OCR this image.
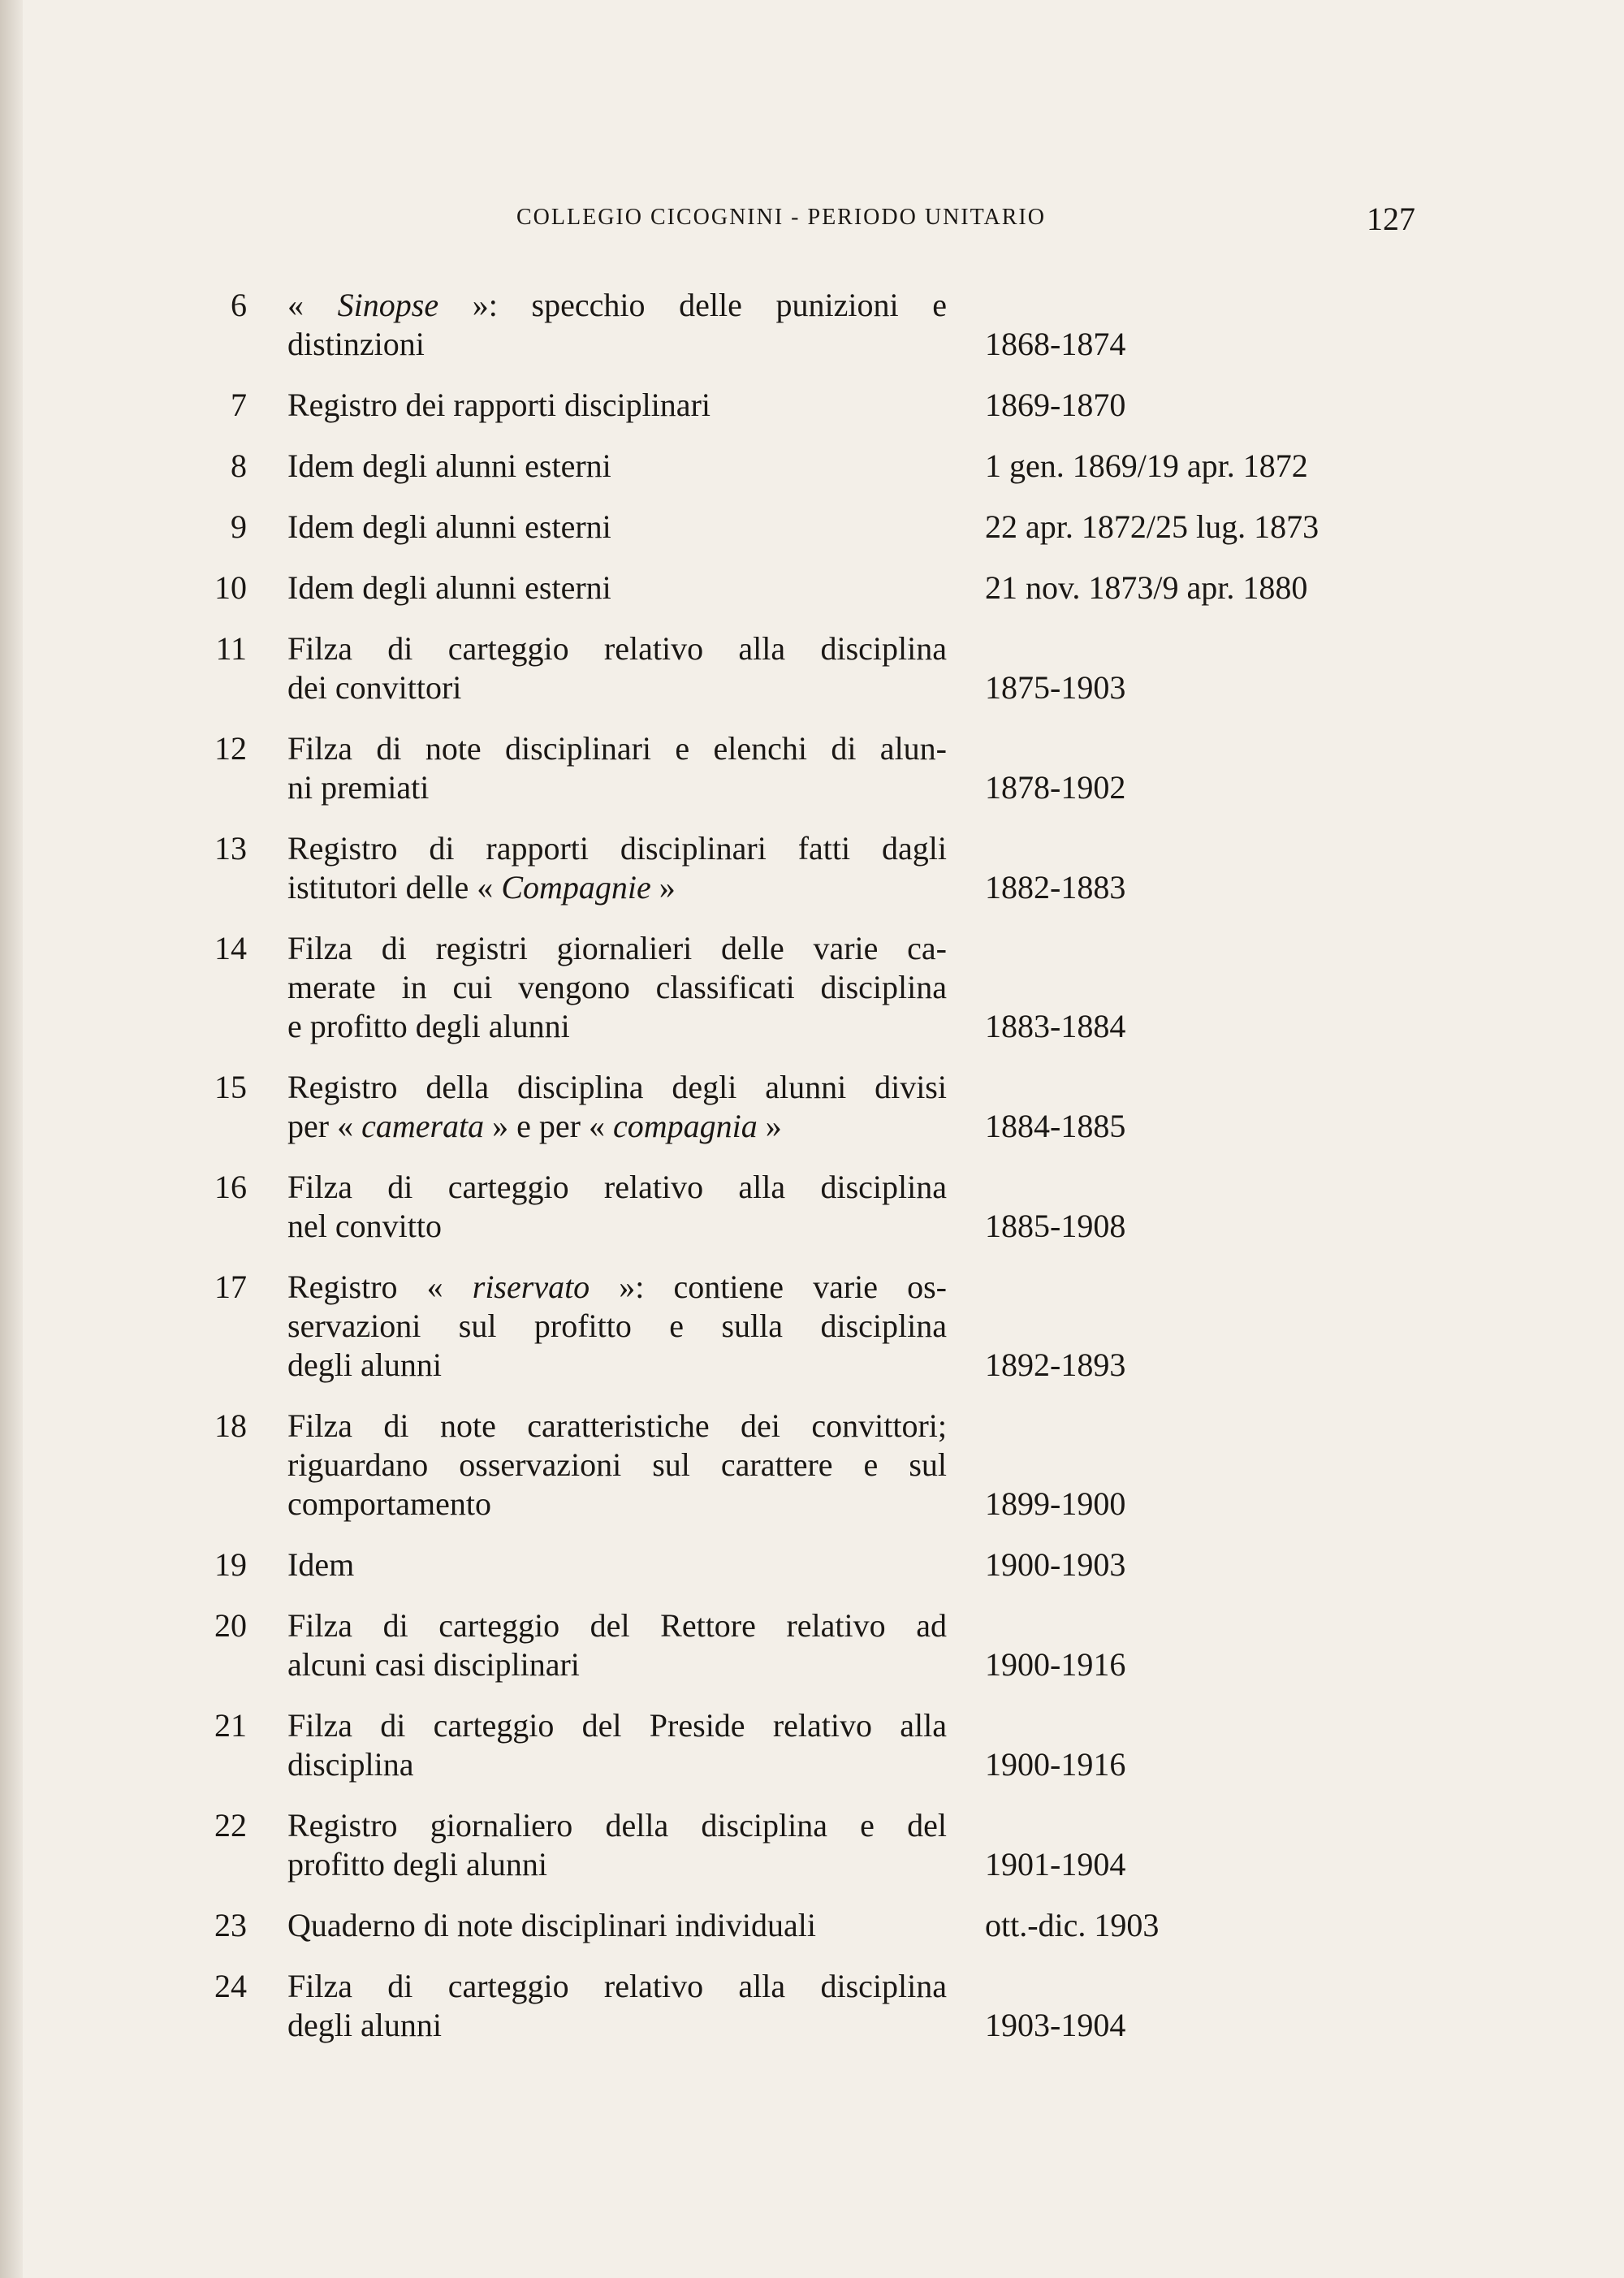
COLLEGIO CICOGNINI - PERIODO UNITARIO	127
6 « Sinopse »: specchio delle punizioni e
distinzioni	1868-1874
7 Registro dei rapporti disciplinari	1869-1870
8 Idem degli alunni esterni	1 gen. 1869/19 apr. 1872
9 Idem degli alunni esterni	22 apr. 1872/25 lug. 1873
10 Idem degli alunni esterni	21 nov. 1873/9 apr. 1880
11 Filza di carteggio relativo alla disciplina
dei convittori	1875-1903
12 Filza di note disciplinari e elenchi di alun-
ni premiati	1878-1902
13 Registro di rapporti disciplinari fatti dagli
istitutori delle « Compagnie »	1882-1883
14 Filza di registri giornalieri delle varie ca-
merate in cui vengono classificati disciplina
e profitto degli alunni	1883-1884
15 Registro della disciplina degli alunni divisi
per « camerata » e per « compagnia »	1884-1885
16 Filza di carteggio relativo alla disciplina
nel convitto	1885-1908
17 Registro « riservato »: contiene varie os-
servazioni sul profitto e sulla disciplina
degli alunni	1892-1893
18 Filza di note caratteristiche dei convittori;
riguardano osservazioni sul carattere e sul
comportamento	1899-1900
19 Idem	1900-1903
20 Filza di carteggio del Rettore relativo ad
alcuni casi disciplinari	1900-1916
21 Filza di carteggio del Preside relativo alla
disciplina	1900-1916
22 Registro giornaliero della disciplina e del
profitto degli alunni	1901-1904
23 Quaderno di note disciplinari individuali	ott.-dic. 1903
24 Filza di carteggio relativo alla disciplina
degli alunni	1903-1904
